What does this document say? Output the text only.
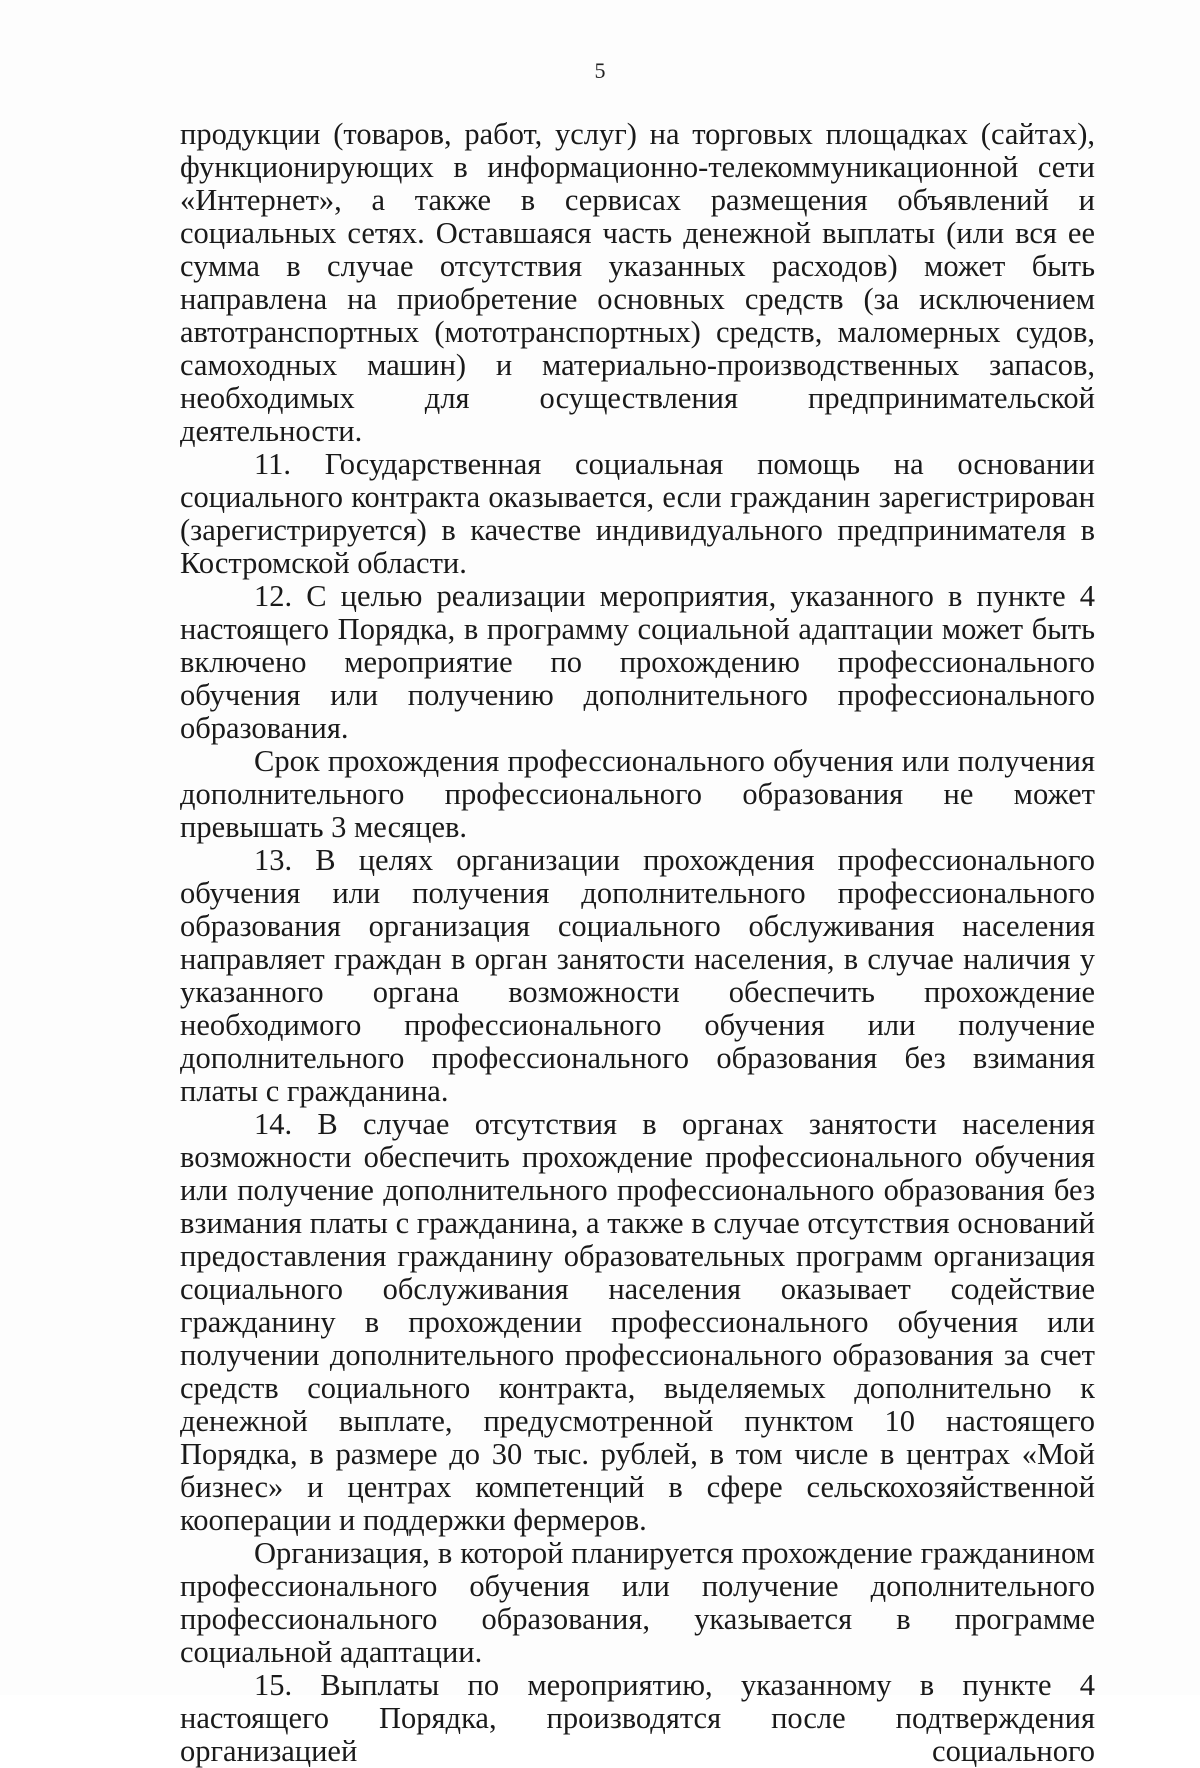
5

продукции (товаров, работ, услуг) на торговых площадках (сайтах), функционирующих в информационно-телекоммуникационной сети «Интернет», а также в сервисах размещения объявлений и социальных сетях. Оставшаяся часть денежной выплаты (или вся ее сумма в случае отсутствия указанных расходов) может быть направлена на приобретение основных средств (за исключением автотранспортных (мототранспортных) средств, маломерных судов, самоходных машин) и материально-производственных запасов, необходимых для осуществления предпринимательской деятельности.

11. Государственная социальная помощь на основании социального контракта оказывается, если гражданин зарегистрирован (зарегистрируется) в качестве индивидуального предпринимателя в Костромской области.

12. С целью реализации мероприятия, указанного в пункте 4 настоящего Порядка, в программу социальной адаптации может быть включено мероприятие по прохождению профессионального обучения или получению дополнительного профессионального образования.

Срок прохождения профессионального обучения или получения дополнительного профессионального образования не может превышать 3 месяцев.

13. В целях организации прохождения профессионального обучения или получения дополнительного профессионального образования организация социального обслуживания населения направляет граждан в орган занятости населения, в случае наличия у указанного органа возможности обеспечить прохождение необходимого профессионального обучения или получение дополнительного профессионального образования без взимания платы с гражданина.

14. В случае отсутствия в органах занятости населения возможности обеспечить прохождение профессионального обучения или получение дополнительного профессионального образования без взимания платы с гражданина, а также в случае отсутствия оснований предоставления гражданину образовательных программ организация социального обслуживания населения оказывает содействие гражданину в прохождении профессионального обучения или получении дополнительного профессионального образования за счет средств социального контракта, выделяемых дополнительно к денежной выплате, предусмотренной пунктом 10 настоящего Порядка, в размере до 30 тыс. рублей, в том числе в центрах «Мой бизнес» и центрах компетенций в сфере сельскохозяйственной кооперации и поддержки фермеров.

Организация, в которой планируется прохождение гражданином профессионального обучения или получение дополнительного профессионального образования, указывается в программе социальной адаптации.

15. Выплаты по мероприятию, указанному в пункте 4 настоящего Порядка, производятся после подтверждения организацией социального
